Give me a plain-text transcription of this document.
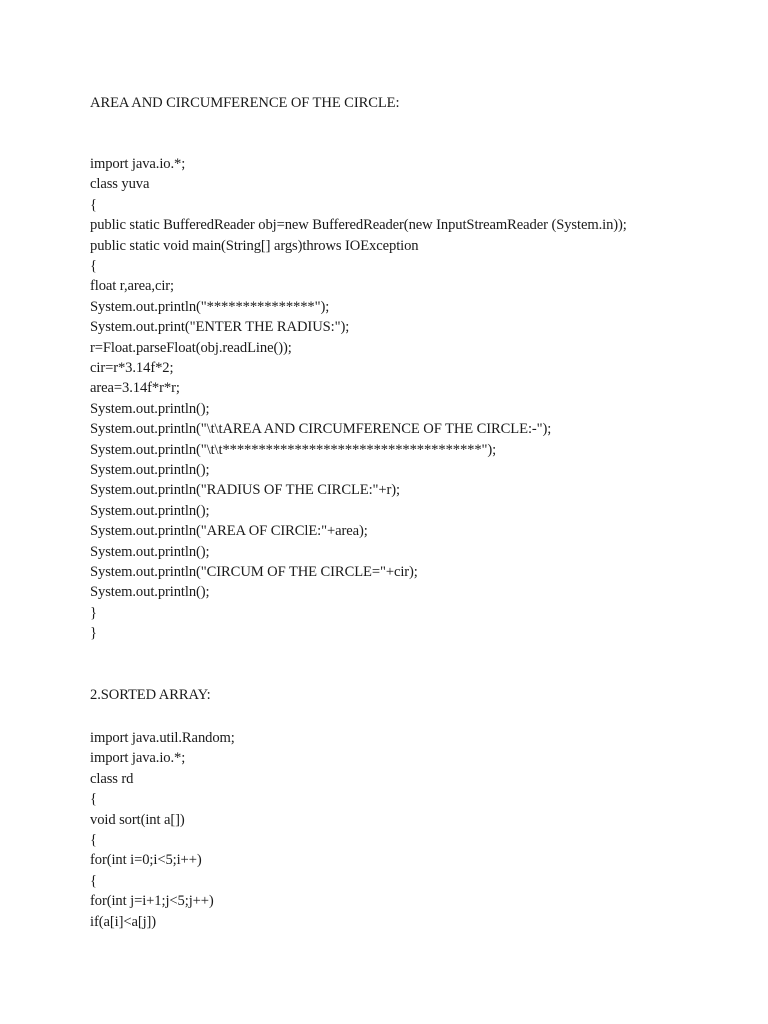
AREA AND CIRCUMFERENCE OF THE CIRCLE:
import java.io.*;
class yuva
{
public static BufferedReader obj=new BufferedReader(new InputStreamReader (System.in));
public static void main(String[] args)throws IOException
{
float r,area,cir;
System.out.println("***************");
System.out.print("ENTER THE RADIUS:");
r=Float.parseFloat(obj.readLine());
cir=r*3.14f*2;
area=3.14f*r*r;
System.out.println();
System.out.println("\t\tAREA AND CIRCUMFERENCE OF THE CIRCLE:-");
System.out.println("\t\t************************************");
System.out.println();
System.out.println("RADIUS OF THE CIRCLE:"+r);
System.out.println();
System.out.println("AREA OF CIRClE:"+area);
System.out.println();
System.out.println("CIRCUM OF THE CIRCLE="+cir);
System.out.println();
}
}
2.SORTED ARRAY:
import java.util.Random;
import java.io.*;
class rd
{
void sort(int a[])
{
for(int i=0;i<5;i++)
{
for(int j=i+1;j<5;j++)
if(a[i]<a[j])
